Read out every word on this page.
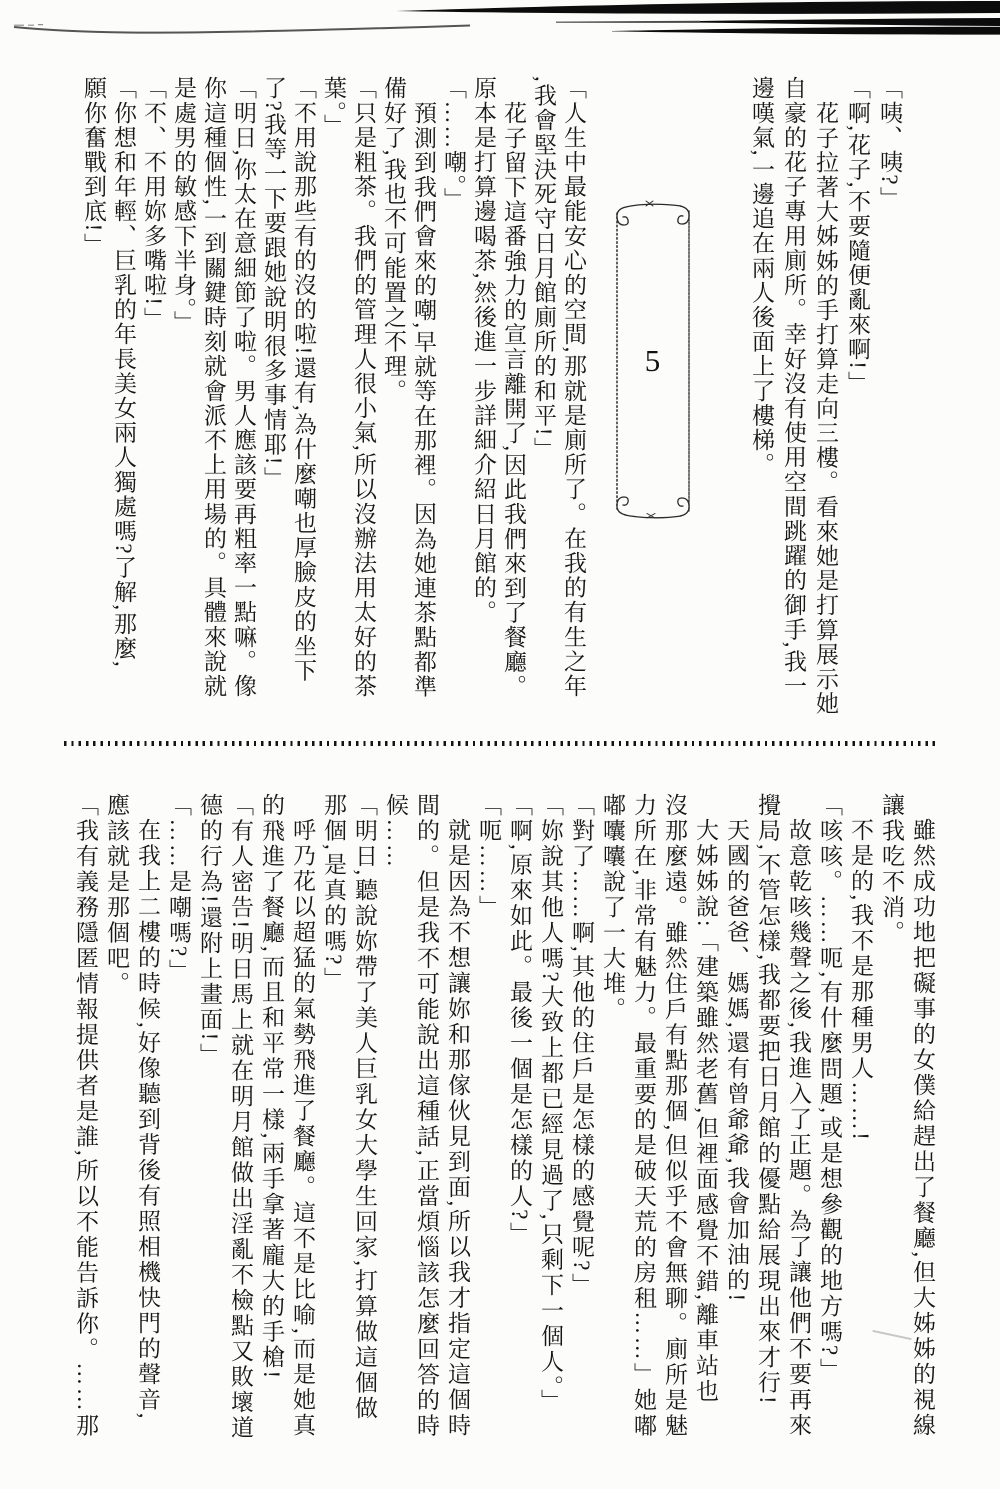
「咦、咦?」
「啊,花子,不要隨便亂來啊!」
花子拉著大姊姊的手打算走向三樓。看來她是打算展示她
自豪的花子專用廁所。幸好沒有使用空間跳躍的御手,我一
邊嘆氣,一邊追在兩人後面上了樓梯。
5
「人生中最能安心的空間,那就是廁所了。在我的有生之年
,我會堅決死守日月館廁所的和平!」
花子留下這番強力的宣言離開了,因此我們來到了餐廳。
原本是打算邊喝茶,然後進一步詳細介紹日月館的。
「……嘲。」
預測到我們會來的嘲,早就等在那裡。因為她連茶點都準
備好了,我也不可能置之不理。
「只是粗茶。我們的管理人很小氣,所以沒辦法用太好的茶
葉。」
「不用說那些有的沒的啦!還有,為什麼嘲也厚臉皮的坐下
了?我等一下要跟她說明很多事情耶!」
「明日,你太在意細節了啦。男人應該要再粗率一點嘛。像
你這種個性,一到關鍵時刻就會派不上用場的。具體來說就
是處男的敏感下半身。」
「不、不用妳多嘴啦!」
「你想和年輕、巨乳的年長美女兩人獨處嗎?了解,那麼,
願你奮戰到底!」
雖然成功地把礙事的女僕給趕出了餐廳,但大姊姊的視線
讓我吃不消。
不是的,我不是那種男人……!
「咳咳。……呃,有什麼問題,或是想參觀的地方嗎?」
故意乾咳幾聲之後,我進入了正題。為了讓他們不要再來
攪局,不管怎樣,我都要把日月館的優點給展現出來才行!
天國的爸爸、媽媽,還有曾爺爺,我會加油的!
大姊姊說:「建築雖然老舊,但裡面感覺不錯,離車站也
沒那麼遠。雖然住戶有點那個,但似乎不會無聊。廁所是魅
力所在,非常有魅力。最重要的是破天荒的房租……」她嘟
嘟囔囔說了一大堆。
「對了……啊,其他的住戶是怎樣的感覺呢?」
「妳說其他人嗎?大致上都已經見過了,只剩下一個人。」
「啊,原來如此。最後一個是怎樣的人?」
「呃……」
就是因為不想讓妳和那傢伙見到面,所以我才指定這個時
間的。但是我不可能說出這種話,正當煩惱該怎麼回答的時
候……
「明日,聽說妳帶了美人巨乳女大學生回家,打算做這個做
那個,是真的嗎?」
呼乃花以超猛的氣勢飛進了餐廳。這不是比喻,而是她真
的飛進了餐廳,而且和平常一樣,兩手拿著龐大的手槍!
「有人密告!明日馬上就在明月館做出淫亂不檢點又敗壞道
德的行為!還附上畫面!」
「……是嘲嗎?」
在我上二樓的時候,好像聽到背後有照相機快門的聲音,
應該就是那個吧。
「我有義務隱匿情報提供者是誰,所以不能告訴你。……那
